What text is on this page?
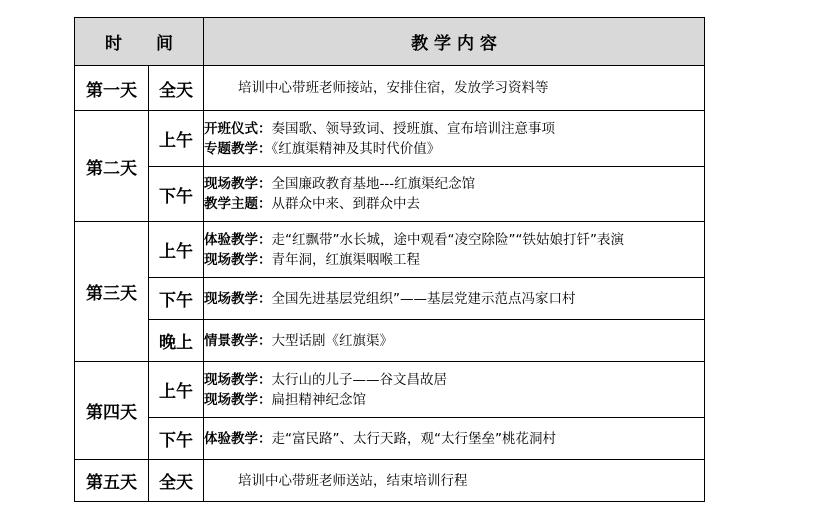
时　　间		教 学 内 容
第一天	全天	培训中心带班老师接站，安排住宿，发放学习资料等

第二天	上午	开班仪式：奏国歌、领导致词、授班旗、宣布培训注意事项
专题教学：《红旗渠精神及其时代价值》

	下午	现场教学：全国廉政教育基地---红旗渠纪念馆
教学主题：从群众中来、到群众中去

第三天	上午	体验教学：走“红飘带”水长城，途中观看“凌空除险”“铁姑娘打钎”表演
现场教学：青年洞，红旗渠咽喉工程

	下午	现场教学：全国先进基层党组织”——基层党建示范点冯家口村

	晚上	情景教学：大型话剧《红旗渠》

第四天	上午	现场教学：太行山的儿子——谷文昌故居
现场教学：扁担精神纪念馆

	下午	体验教学：走“富民路”、太行天路，观“太行堡垒”桃花洞村

第五天	全天	培训中心带班老师送站，结束培训行程
